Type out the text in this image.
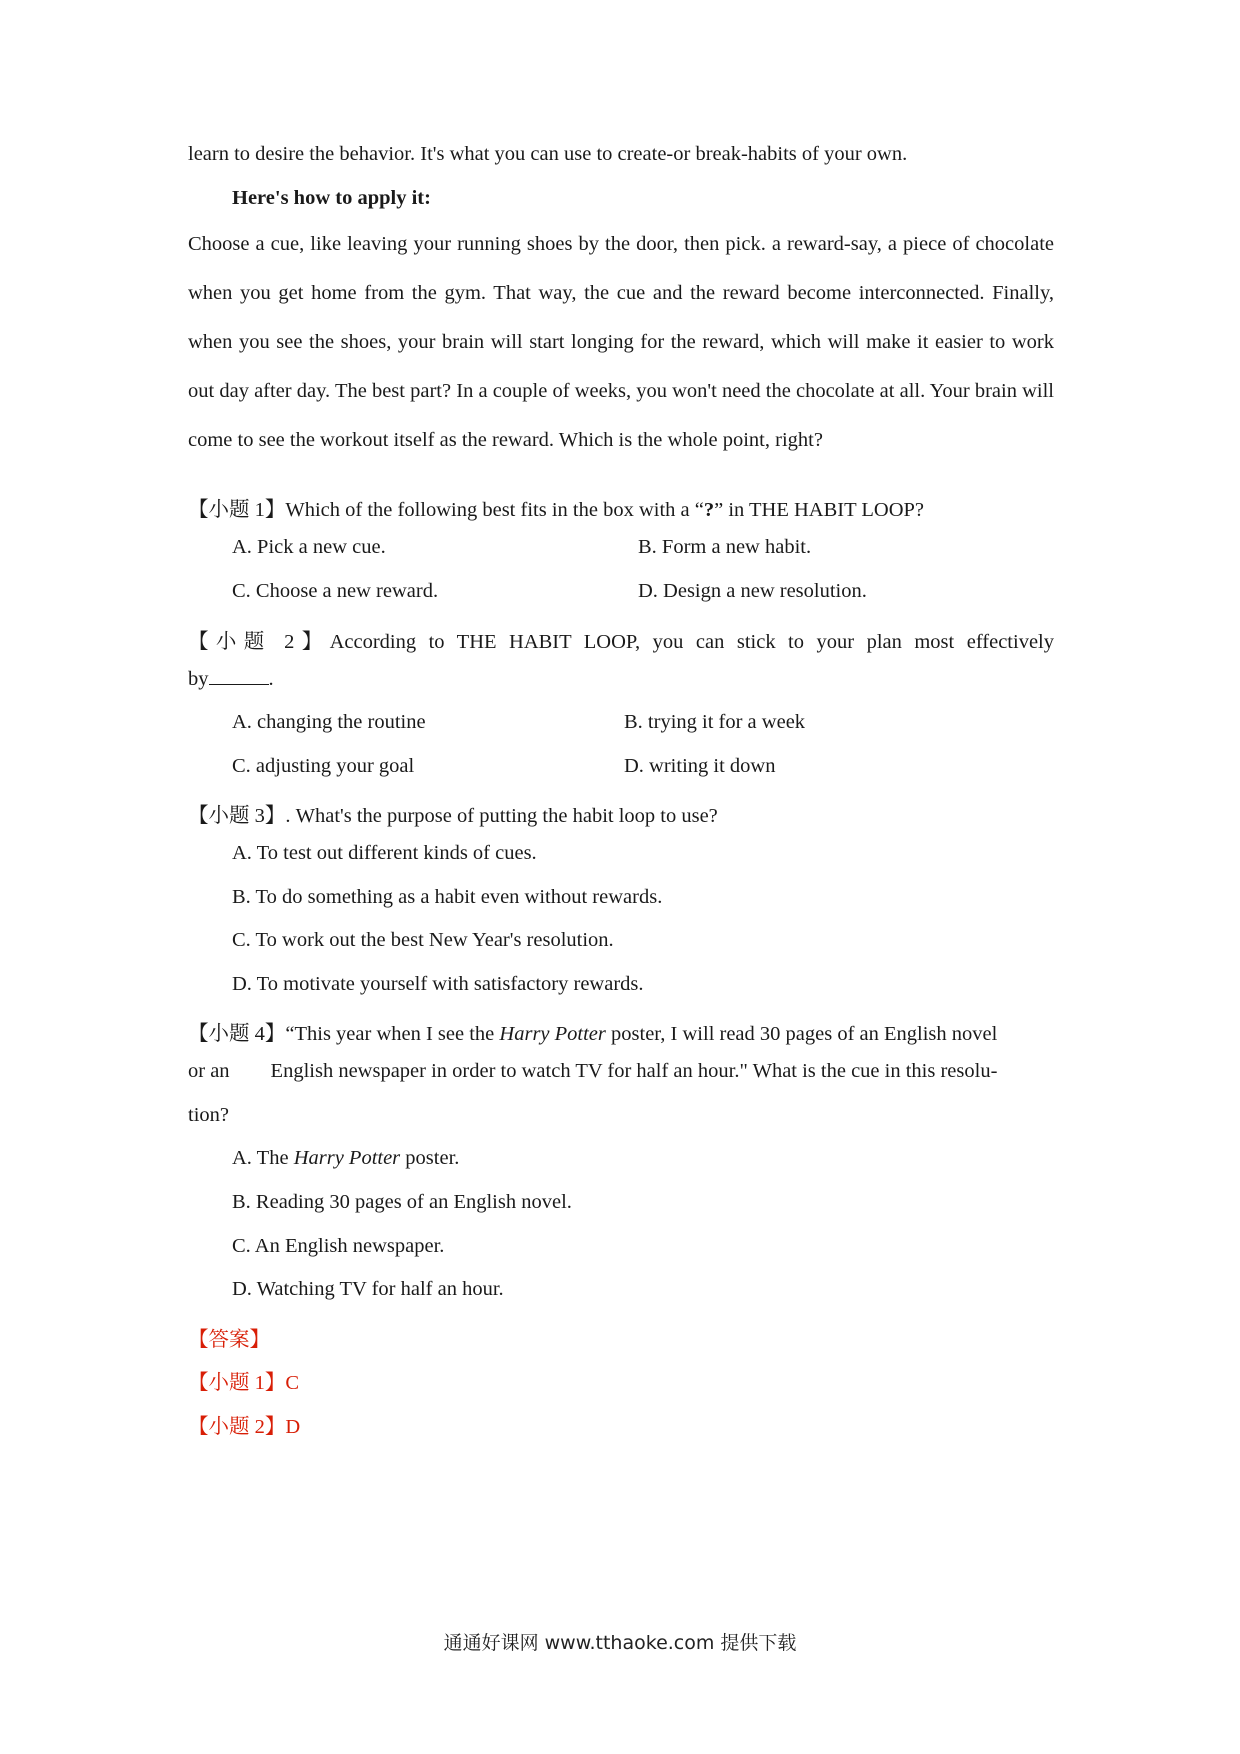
learn to desire the behavior. It's what you can use to create-or break-habits of your own.

Here's how to apply it:

Choose a cue, like leaving your running shoes by the door, then pick. a reward-say, a piece of chocolate when you get home from the gym. That way, the cue and the reward become interconnected. Finally, when you see the shoes, your brain will start longing for the reward, which will make it easier to work out day after day. The best part? In a couple of weeks, you won't need the chocolate at all. Your brain will come to see the workout itself as the reward. Which is the whole point, right?

【小题 1】Which of the following best fits in the box with a “?” in THE HABIT LOOP?

A. Pick a new cue.	B. Form a new habit.
C. Choose a new reward.	D. Design a new resolution.

【小题 2】According to THE HABIT LOOP, you can stick to your plan most effectively

by	.

A. changing the routine	B. trying it for a week
C. adjusting your goal	D. writing it down

【小题 3】. What's the purpose of putting the habit loop to use?

A. To test out different kinds of cues.

B. To do something as a habit even without rewards.

C. To work out the best New Year's resolution.

D. To motivate yourself with satisfactory rewards.

【小题 4】“This year when I see the Harry Potter poster, I will read 30 pages of an English novel

or an        English newspaper in order to watch TV for half an hour." What is the cue in this resolu-

tion?

A. The Harry Potter poster.

B. Reading 30 pages of an English novel.

C. An English newspaper.

D. Watching TV for half an hour.

【答案】

【小题 1】C

【小题 2】D

通通好课网 www.tthaoke.com 提供下载
